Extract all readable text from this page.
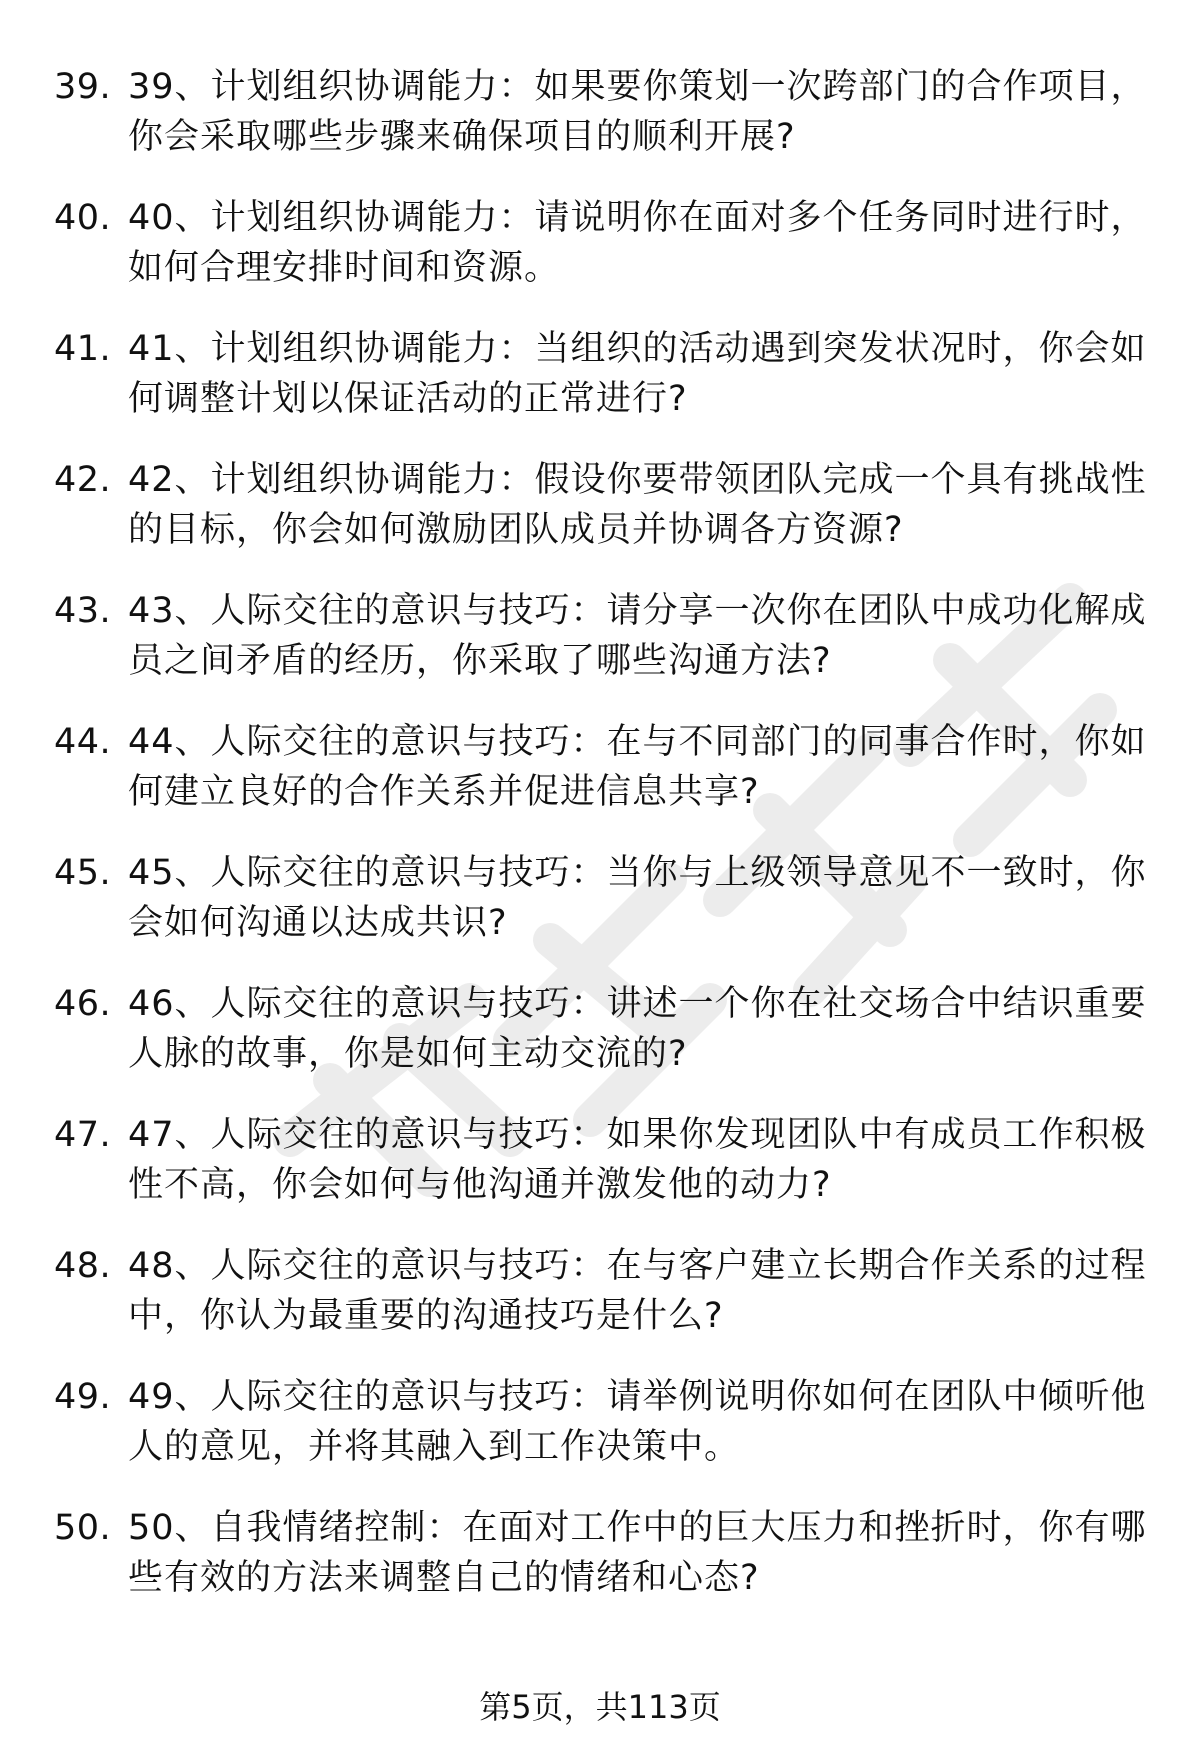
39. 39、计划组织协调能力：如果要你策划一次跨部门的合作项目，你会采取哪些步骤来确保项目的顺利开展?
40. 40、计划组织协调能力：请说明你在面对多个任务同时进行时，如何合理安排时间和资源。
41. 41、计划组织协调能力：当组织的活动遇到突发状况时，你会如何调整计划以保证活动的正常进行?
42. 42、计划组织协调能力：假设你要带领团队完成一个具有挑战性的目标，你会如何激励团队成员并协调各方资源?
43. 43、人际交往的意识与技巧：请分享一次你在团队中成功化解成员之间矛盾的经历，你采取了哪些沟通方法?
44. 44、人际交往的意识与技巧：在与不同部门的同事合作时，你如何建立良好的合作关系并促进信息共享?
45. 45、人际交往的意识与技巧：当你与上级领导意见不一致时，你会如何沟通以达成共识?
46. 46、人际交往的意识与技巧：讲述一个你在社交场合中结识重要人脉的故事，你是如何主动交流的?
47. 47、人际交往的意识与技巧：如果你发现团队中有成员工作积极性不高，你会如何与他沟通并激发他的动力?
48. 48、人际交往的意识与技巧：在与客户建立长期合作关系的过程中，你认为最重要的沟通技巧是什么?
49. 49、人际交往的意识与技巧：请举例说明你如何在团队中倾听他人的意见，并将其融入到工作决策中。
50. 50、自我情绪控制：在面对工作中的巨大压力和挫折时，你有哪些有效的方法来调整自己的情绪和心态?
第5页，共113页
